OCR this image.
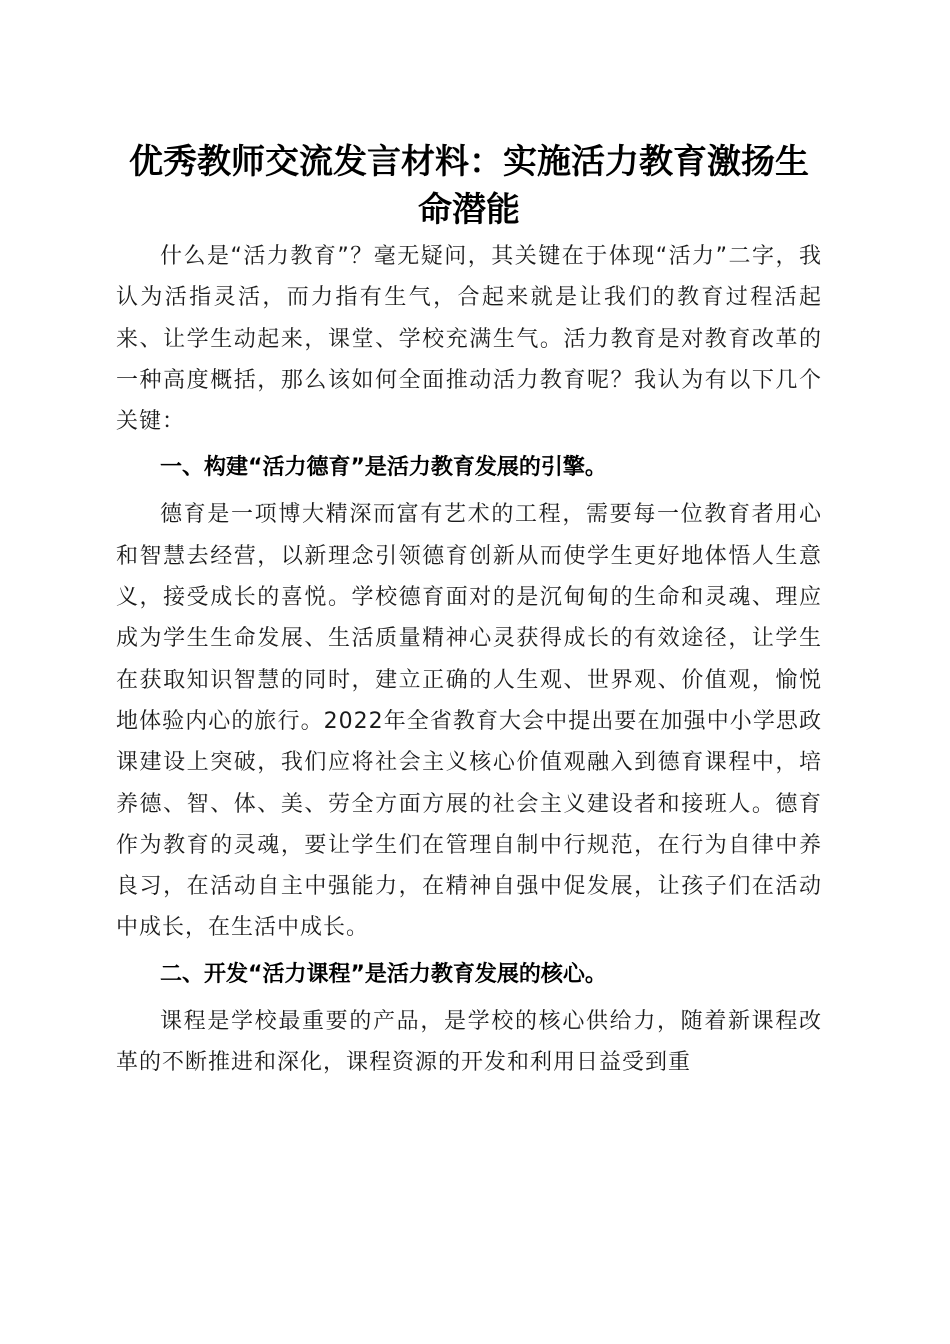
优秀教师交流发言材料：实施活力教育激扬生命潜能

什么是“活力教育”？毫无疑问，其关键在于体现“活力”二字，我认为活指灵活，而力指有生气，合起来就是让我们的教育过程活起来、让学生动起来，课堂、学校充满生气。活力教育是对教育改革的一种高度概括，那么该如何全面推动活力教育呢？我认为有以下几个关键：

一、构建“活力德育”是活力教育发展的引擎。

德育是一项博大精深而富有艺术的工程，需要每一位教育者用心和智慧去经营，以新理念引领德育创新从而使学生更好地体悟人生意义，接受成长的喜悦。学校德育面对的是沉甸甸的生命和灵魂、理应成为学生生命发展、生活质量精神心灵获得成长的有效途径，让学生在获取知识智慧的同时，建立正确的人生观、世界观、价值观，愉悦地体验内心的旅行。2022年全省教育大会中提出要在加强中小学思政课建设上突破，我们应将社会主义核心价值观融入到德育课程中，培养德、智、体、美、劳全方面方展的社会主义建设者和接班人。德育作为教育的灵魂，要让学生们在管理自制中行规范，在行为自律中养良习，在活动自主中强能力，在精神自强中促发展，让孩子们在活动中成长，在生活中成长。

二、开发“活力课程”是活力教育发展的核心。

课程是学校最重要的产品，是学校的核心供给力，随着新课程改革的不断推进和深化，课程资源的开发和利用日益受到重
